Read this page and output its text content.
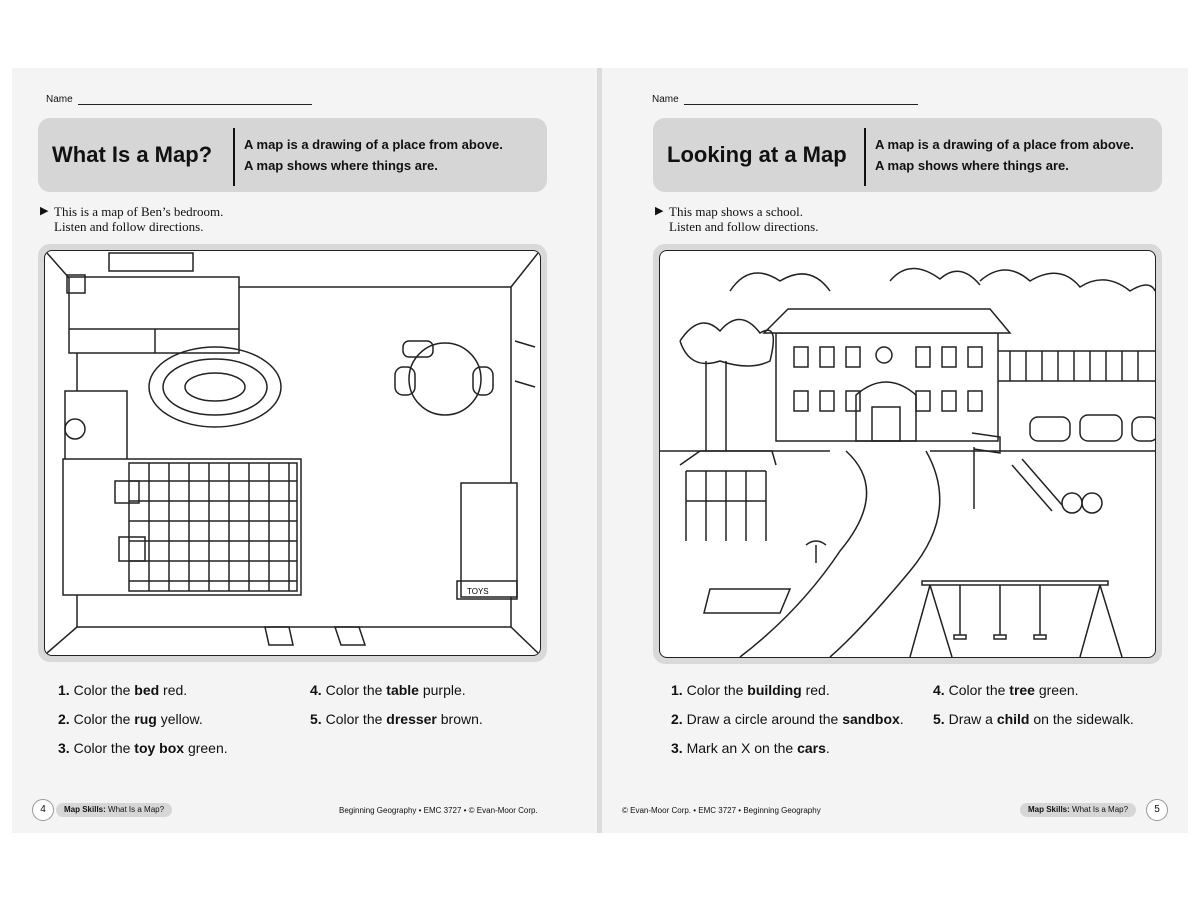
Name
What Is a Map? A map is a drawing of a place from above.
A map shows where things are.
▶ This is a map of Ben’s bedroom.
Listen and follow directions.
TOYS
1. Color the bed red.
2. Color the rug yellow.
3. Color the toy box green.
4. Color the table purple.
5. Color the dresser brown.
4	Map Skills: What Is a Map?	Beginning Geography • EMC 3727 • © Evan-Moor Corp.
Name
Looking at a Map A map is a drawing of a place from above.
A map shows where things are.
▶ This map shows a school.
Listen and follow directions.
1. Color the building red.
2. Draw a circle around the sandbox.
3. Mark an X on the cars.
4. Color the tree green.
5. Draw a child on the sidewalk.
© Evan-Moor Corp. • EMC 3727 • Beginning Geography	Map Skills: What Is a Map?	5
